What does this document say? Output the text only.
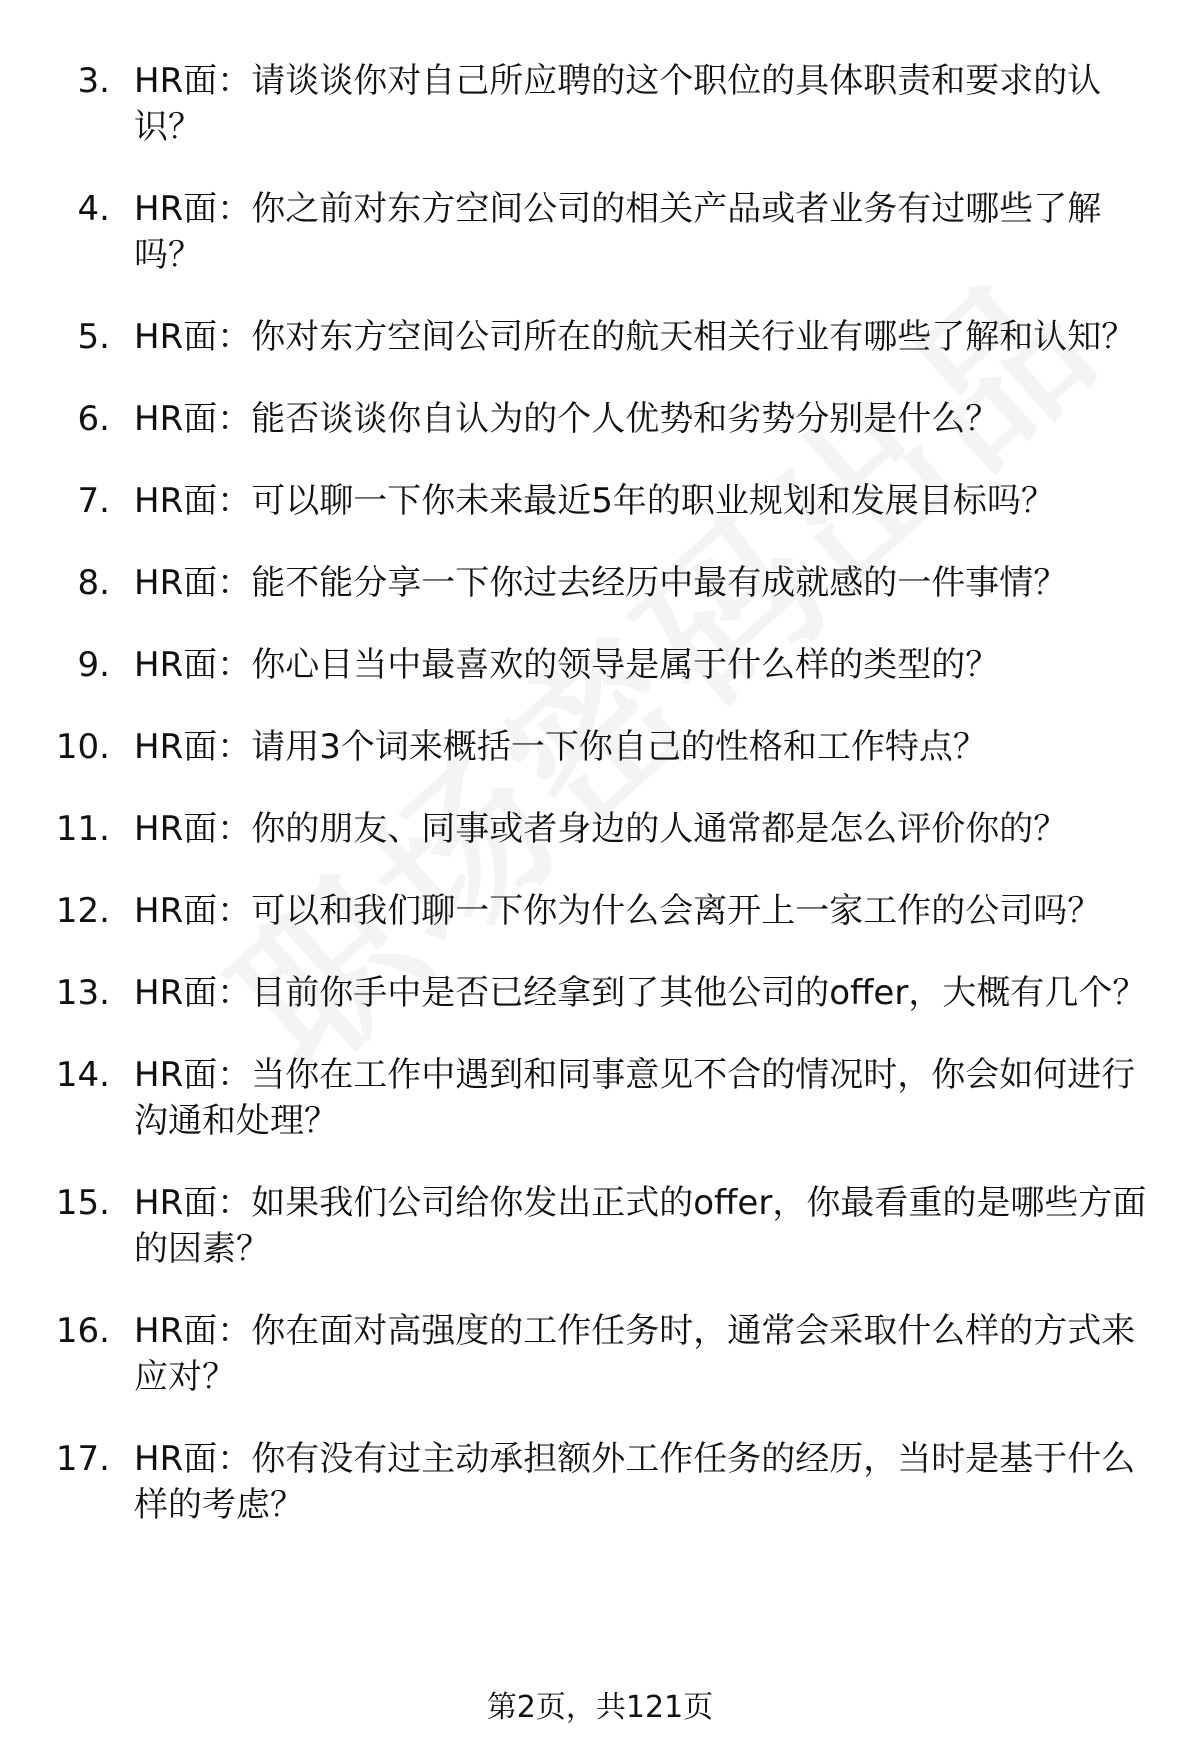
3. HR面：请谈谈你对自己所应聘的这个职位的具体职责和要求的认识？
4. HR面：你之前对东方空间公司的相关产品或者业务有过哪些了解吗？
5. HR面：你对东方空间公司所在的航天相关行业有哪些了解和认知？
6. HR面：能否谈谈你自认为的个人优势和劣势分别是什么？
7. HR面：可以聊一下你未来最近5年的职业规划和发展目标吗？
8. HR面：能不能分享一下你过去经历中最有成就感的一件事情？
9. HR面：你心目当中最喜欢的领导是属于什么样的类型的？
10. HR面：请用3个词来概括一下你自己的性格和工作特点？
11. HR面：你的朋友、同事或者身边的人通常都是怎么评价你的？
12. HR面：可以和我们聊一下你为什么会离开上一家工作的公司吗？
13. HR面：目前你手中是否已经拿到了其他公司的offer，大概有几个？
14. HR面：当你在工作中遇到和同事意见不合的情况时，你会如何进行沟通和处理？
15. HR面：如果我们公司给你发出正式的offer，你最看重的是哪些方面的因素？
16. HR面：你在面对高强度的工作任务时，通常会采取什么样的方式来应对？
17. HR面：你有没有过主动承担额外工作任务的经历，当时是基于什么样的考虑？
第2页，共121页
